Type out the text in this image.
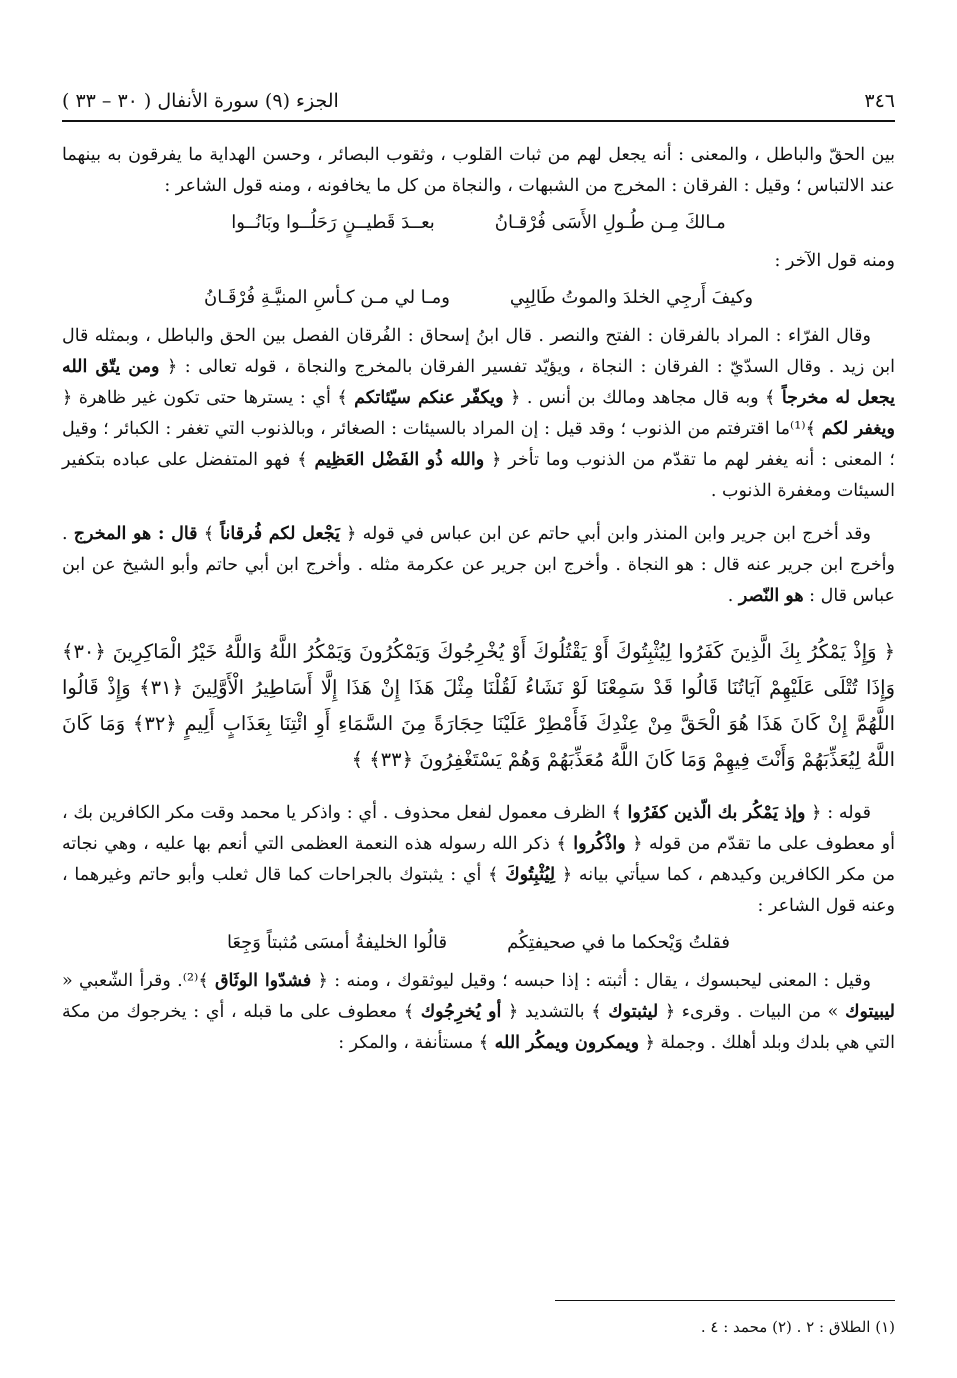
٣٤٦
الجزء (٩) سورة الأنفال ( ٣٠ – ٣٣ )

بين الحقّ والباطل ، والمعنى : أنه يجعل لهم من ثبات القلوب ، وثقوب البصائر ، وحسن الهداية ما يفرقون به بينهما عند الالتباس ؛ وقيل : الفرقان : المخرج من الشبهات ، والنجاة من كل ما يخافونه ، ومنه قول الشاعر :

مـالكَ مِـن طُـولِ الأَسَى فُرْقـانُ
بعــدَ قَطيــنٍ رَحَلُــوا وبَانُــوا

ومنه قول الآخر :

وكيفَ أَرجِي الخلدَ والموتُ طَالِبِي
ومـا لي مـن كـأسِ المنيَّـةِ فُرْقَـانُ

وقال الفرّاء : المراد بالفرقان : الفتح والنصر . قال ابنُ إسحاق : الفُرقان الفصل بين الحق والباطل ، وبمثله قال ابن زيد . وقال السدّيّ : الفرقان : النجاة ، ويؤيّد تفسير الفرقان بالمخرج والنجاة ، قوله تعالى : ﴿ ومن يتّق الله يجعل له مخرجاً ﴾ وبه قال مجاهد ومالك بن أنس . ﴿ ويكفّر عنكم سيّئاتكم ﴾ أي : يسترها حتى تكون غير ظاهرة ﴿ ويغفر لكم ﴾⁽¹⁾ما اقترفتم من الذنوب ؛ وقد قيل : إن المراد بالسيئات : الصغائر ، وبالذنوب التي تغفر : الكبائر ؛ وقيل ؛ المعنى : أنه يغفر لهم ما تقدّم من الذنوب وما تأخر ﴿ والله ذُو الفَضْل العَظِيم ﴾ فهو المتفضل على عباده بتكفير السيئات ومغفرة الذنوب .

وقد أخرج ابن جرير وابن المنذر وابن أبي حاتم عن ابن عباس في قوله ﴿ يَجْعل لكم فُرقاناً ﴾ قال : هو المخرج . وأخرج ابن جرير عنه قال : هو النجاة . وأخرج ابن جرير عن عكرمة مثله . وأخرج ابن أبي حاتم وأبو الشيخ عن ابن عباس قال : هو النّصر .

﴿ وَإِذْ يَمْكُرُ بِكَ الَّذِينَ كَفَرُوا لِيُثْبِتُوكَ أَوْ يَقْتُلُوكَ أَوْ يُخْرِجُوكَ وَيَمْكُرُونَ وَيَمْكُرُ اللَّهُ وَاللَّهُ خَيْرُ الْمَاكِرِينَ ﴿٣٠﴾ وَإِذَا تُتْلَى عَلَيْهِمْ آيَاتُنَا قَالُوا قَدْ سَمِعْنَا لَوْ نَشَاءُ لَقُلْنَا مِثْلَ هَذَا إِنْ هَذَا إِلَّا أَسَاطِيرُ الْأَوَّلِينَ ﴿٣١﴾ وَإِذْ قَالُوا اللَّهُمَّ إِنْ كَانَ هَذَا هُوَ الْحَقَّ مِنْ عِنْدِكَ فَأَمْطِرْ عَلَيْنَا حِجَارَةً مِنَ السَّمَاءِ أَوِ ائْتِنَا بِعَذَابٍ أَلِيمٍ ﴿٣٢﴾ وَمَا كَانَ اللَّهُ لِيُعَذِّبَهُمْ وَأَنْتَ فِيهِمْ وَمَا كَانَ اللَّهُ مُعَذِّبَهُمْ وَهُمْ يَسْتَغْفِرُونَ ﴿٣٣﴾ ﴾

قوله : ﴿ وإذ يَمْكُر بك الّذين كفَرُوا ﴾ الظرف معمول لفعل محذوف . أي : واذكر يا محمد وقت مكر الكافرين بك ، أو معطوف على ما تقدّم من قوله ﴿ واذْكُروا ﴾ ذكر الله رسوله هذه النعمة العظمى التي أنعم بها عليه ، وهي نجاته من مكر الكافرين وكيدهم ، كما سيأتي بيانه ﴿ لِيُثْبِتُوكَ ﴾ أي : يثبتوك بالجراحات كما قال ثعلب وأبو حاتم وغيرهما ، وعنه قول الشاعر :

فقلتُ وَيْحكما ما في صحيفتِكُم
قالُوا الخليفةُ أمسَى مُثبتاً وَجِعَا

وقيل : المعنى ليحبسوك ، يقال : أثبته : إذا حبسه ؛ وقيل ليوثقوك ، ومنه : ﴿ فشدّوا الوثَاق ﴾⁽²⁾. وقرأ الشّعبي « ليبيتوك » من البيات . وقرىء ﴿ ليثبتوك ﴾ بالتشديد ﴿ أو يُخرِجُوك ﴾ معطوف على ما قبله ، أي : يخرجوك من مكة التي هي بلدك وبلد أهلك . وجملة ﴿ ويمكرون ويمكُر الله ﴾ مستأنفة ، والمكر :

(١) الطلاق : ٢ . (٢) محمد : ٤ .
